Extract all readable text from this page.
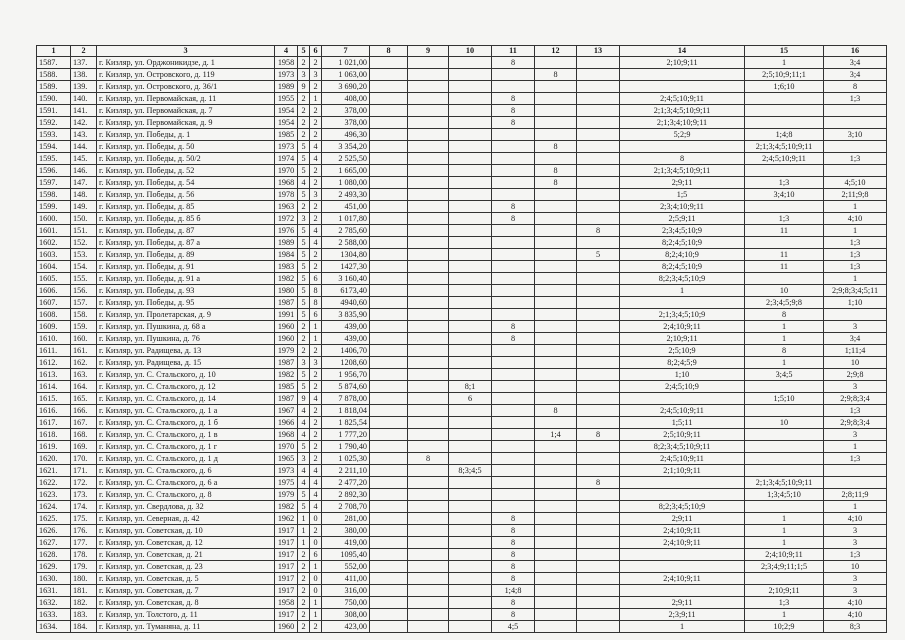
1	2	3	4	5	6	7	8	9	10	11	12	13	14	15	16
1587.	137.	г. Кизляр, ул. Орджоникидзе, д. 1	1958	2	2	1 021,00				8			2;10;9;11	1	3;4
1588.	138.	г. Кизляр, ул. Островского, д. 119	1973	3	3	1 063,00					8			2;5;10;9;11;1	3;4
1589.	139.	г. Кизляр, ул. Островского, д. 36/1	1989	9	2	3 690,20								1;6;10	8
1590.	140.	г. Кизляр, ул. Первомайская, д. 11	1955	2	1	408,00				8			2;4;5;10;9;11		1;3
1591.	141.	г. Кизляр, ул. Первомайская, д. 7	1954	2	2	378,00				8			2;1;3;4;5;10;9;11		
1592.	142.	г. Кизляр, ул. Первомайская, д. 9	1954	2	2	378,00				8			2;1;3;4;10;9;11		
1593.	143.	г. Кизляр, ул. Победы, д. 1	1985	2	2	496,30							5;2;9	1;4;8	3;10
1594.	144.	г. Кизляр, ул. Победы, д. 50	1973	5	4	3 354,20					8			2;1;3;4;5;10;9;11	
1595.	145.	г. Кизляр, ул. Победы, д. 50/2	1974	5	4	2 525,50							8	2;4;5;10;9;11	1;3
1596.	146.	г. Кизляр, ул. Победы, д. 52	1970	5	2	1 665,00					8		2;1;3;4;5;10;9;11		
1597.	147.	г. Кизляр, ул. Победы, д. 54	1968	4	2	1 080,00					8		2;9;11	1;3	4;5;10
1598.	148.	г. Кизляр, ул. Победы, д. 56	1978	5	3	2 493,30							1;5	3;4;10	2;11;9;8
1599.	149.	г. Кизляр, ул. Победы, д. 85	1963	2	2	451,00				8			2;3;4;10;9;11		1
1600.	150.	г. Кизляр, ул. Победы, д. 85 б	1972	3	2	1 017,80				8			2;5;9;11	1;3	4;10
1601.	151.	г. Кизляр, ул. Победы, д. 87	1976	5	4	2 785,60						8	2;3;4;5;10;9	11	1
1602.	152.	г. Кизляр, ул. Победы, д. 87 а	1989	5	4	2 588,00							8;2;4;5;10;9		1;3
1603.	153.	г. Кизляр, ул. Победы, д. 89	1984	5	2	1304,80						5	8;2;4;10;9	11	1;3
1604.	154.	г. Кизляр, ул. Победы, д. 91	1983	5	2	1427,30							8;2;4;5;10;9	11	1;3
1605.	155.	г. Кизляр, ул. Победы, д. 91 а	1982	5	6	3 160,40							8;2;3;4;5;10;9		1
1606.	156.	г. Кизляр, ул. Победы, д. 93	1980	5	8	6173,40							1	10	2;9;8;3;4;5;11
1607.	157.	г. Кизляр, ул. Победы, д. 95	1987	5	8	4940,60								2;3;4;5;9;8	1;10
1608.	158.	г. Кизляр, ул. Пролетарская, д. 9	1991	5	6	3 835,90							2;1;3;4;5;10;9	8	
1609.	159.	г. Кизляр, ул. Пушкина, д. 68 а	1960	2	1	439,00				8			2;4;10;9;11	1	3
1610.	160.	г. Кизляр, ул. Пушкина, д. 76	1960	2	1	439,00				8			2;10;9;11	1	3;4
1611.	161.	г. Кизляр, ул. Радищева, д. 13	1979	2	2	1406,70							2;5;10;9	8	1;11;4
1612.	162.	г. Кизляр, ул. Радищева, д. 15	1987	3	3	1208,60							8;2;4;5;9	1	10
1613.	163.	г. Кизляр, ул. С. Стальского, д. 10	1982	5	2	1 956,70							1;10	3;4;5	2;9;8
1614.	164.	г. Кизляр, ул. С. Стальского, д. 12	1985	5	2	5 874,60			8;1				2;4;5;10;9		3
1615.	165.	г. Кизляр, ул. С. Стальского, д. 14	1987	9	4	7 878,00			6					1;5;10	2;9;8;3;4
1616.	166.	г. Кизляр, ул. С. Стальского, д. 1 а	1967	4	2	1 818,04					8		2;4;5;10;9;11		1;3
1617.	167.	г. Кизляр, ул. С. Стальского, д. 1 б	1966	4	2	1 825,54							1;5;11	10	2;9;8;3;4
1618.	168.	г. Кизляр, ул. С. Стальского, д. 1 в	1968	4	2	1 777,20					1;4	8	2;5;10;9;11		3
1619.	169.	г. Кизляр, ул. С. Стальского, д. 1 г	1970	5	2	1 790,40							8;2;3;4;5;10;9;11		1
1620.	170.	г. Кизляр, ул. С. Стальского, д. 1 д	1965	3	2	1 025,30		8					2;4;5;10;9;11		1;3
1621.	171.	г. Кизляр, ул. С. Стальского, д. 6	1973	4	4	2 211,10			8;3;4;5				2;1;10;9;11		
1622.	172.	г. Кизляр, ул. С. Стальского, д. 6 а	1975	4	4	2 477,20						8		2;1;3;4;5;10;9;11	
1623.	173.	г. Кизляр, ул. С. Стальского, д. 8	1979	5	4	2 892,30								1;3;4;5;10	2;8;11;9
1624.	174.	г. Кизляр, ул. Свердлова, д. 32	1982	5	4	2 708,70							8;2;3;4;5;10;9		1
1625.	175.	г. Кизляр, ул. Северная, д. 42	1962	1	0	281,00				8			2;9;11	1	4;10
1626.	176.	г. Кизляр, ул. Советская, д. 10	1917	1	2	380,00				8			2;4;10;9;11	1	3
1627.	177.	г. Кизляр, ул. Советская, д. 12	1917	1	0	419,00				8			2;4;10;9;11	1	3
1628.	178.	г. Кизляр, ул. Советская, д. 21	1917	2	6	1095,40				8				2;4;10;9;11	1;3
1629.	179.	г. Кизляр, ул. Советская, д. 23	1917	2	1	552,00				8				2;3;4;9;11;1;5	10
1630.	180.	г. Кизляр, ул. Советская, д. 5	1917	2	0	411,00				8			2;4;10;9;11		3
1631.	181.	г. Кизляр, ул. Советская, д. 7	1917	2	0	316,00				1;4;8				2;10;9;11	3
1632.	182.	г. Кизляр, ул. Советская, д. 8	1958	2	1	750,00				8			2;9;11	1;3	4;10
1633.	183.	г. Кизляр, ул. Толстого, д. 11	1917	2	1	308,00				8			2;3;9;11	1	4;10
1634.	184.	г. Кизляр, ул. Туманяна, д. 11	1960	2	2	423,00				4;5			1	10;2;9	8;3
